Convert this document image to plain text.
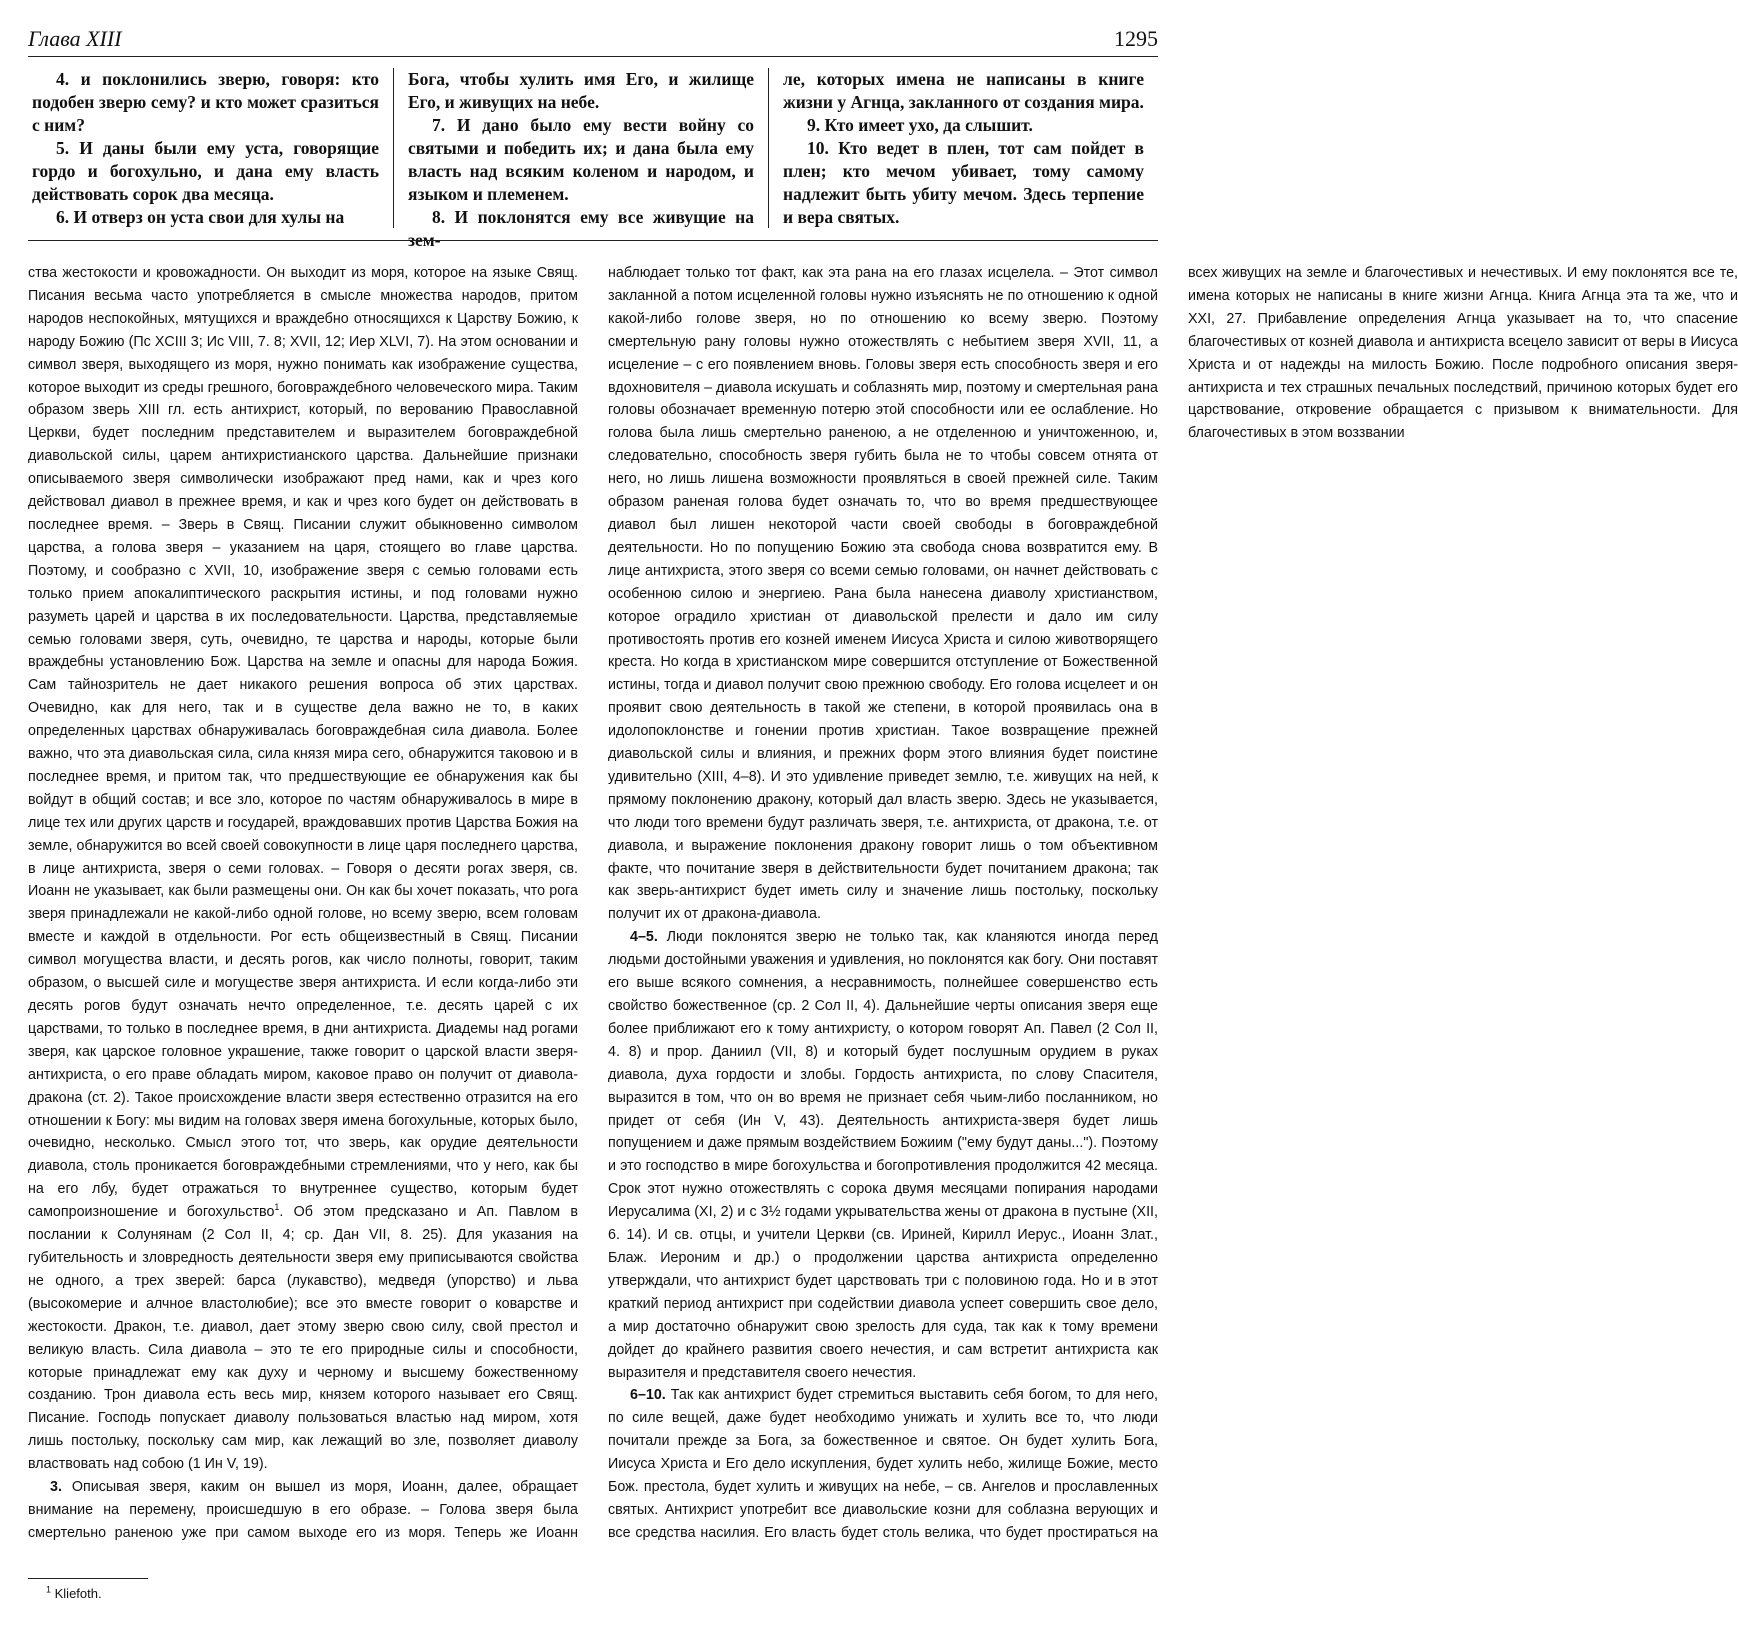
Глава XIII	1295

4. и поклонились зверю, говоря: кто подобен зверю сему? и кто может сразиться с ним?

5. И даны были ему уста, говорящие гордо и богохульно, и дана ему власть действовать сорок два месяца.

6. И отверз он уста свои для хулы на

Бога, чтобы хулить имя Его, и жилище Его, и живущих на небе.

7. И дано было ему вести войну со святыми и победить их; и дана была ему власть над всяким коленом и народом, и языком и племенем.

8. И поклонятся ему все живущие на зем-

ле, которых имена не написаны в книге жизни у Агнца, закланного от создания мира.

9. Кто имеет ухо, да слышит.

10. Кто ведет в плен, тот сам пойдет в плен; кто мечом убивает, тому самому надлежит быть убиту мечом. Здесь терпение и вера святых.

ства жестокости и кровожадности. Он выходит из моря, которое на языке Свящ. Писания весьма часто употребляется в смысле множества народов, притом народов неспокойных, мятущихся и враждебно относящихся к Царству Божию, к народу Божию (Пс XCIII 3; Ис VIII, 7. 8; XVII, 12; Иер XLVI, 7). На этом основании и символ зверя, выходящего из моря, нужно понимать как изображение существа, которое выходит из среды грешного, боговраждебного человеческого мира. Таким образом зверь XIII гл. есть антихрист, который, по верованию Православной Церкви, будет последним представителем и выразителем боговраждебной диавольской силы, царем антихристианского царства. Дальнейшие признаки описываемого зверя символически изображают пред нами, как и чрез кого действовал диавол в прежнее время, и как и чрез кого будет он действовать в последнее время. – Зверь в Свящ. Писании служит обыкновенно символом царства, а голова зверя – указанием на царя, стоящего во главе царства. Поэтому, и сообразно с XVII, 10, изображение зверя с семью головами есть только прием апокалиптического раскрытия истины, и под головами нужно разуметь царей и царства в их последовательности. Царства, представляемые семью головами зверя, суть, очевидно, те царства и народы, которые были враждебны установлению Бож. Царства на земле и опасны для народа Божия. Сам тайнозритель не дает никакого решения вопроса об этих царствах. Очевидно, как для него, так и в существе дела важно не то, в каких определенных царствах обнаруживалась боговраждебная сила диавола. Более важно, что эта диавольская сила, сила князя мира сего, обнаружится таковою и в последнее время, и притом так, что предшествующие ее обнаружения как бы войдут в общий состав; и все зло, которое по частям обнаруживалось в мире в лице тех или других царств и государей, враждовавших против Царства Божия на земле, обнаружится во всей своей совокупности в лице царя последнего царства, в лице антихриста, зверя о семи головах. – Говоря о десяти рогах зверя, св. Иоанн не указывает, как были размещены они. Он как бы хочет показать, что рога зверя принадлежали не какой-либо одной голове, но всему зверю, всем головам вместе и каждой в отдельности. Рог есть общеизвестный в Свящ. Писании символ могущества власти, и десять рогов, как число полноты, говорит, таким образом, о высшей силе и могуществе зверя антихриста. И если когда-либо эти десять рогов будут означать нечто определенное, т.е. десять царей с их царствами, то только в последнее время, в дни антихриста. Диадемы над рогами зверя, как царское головное украшение, также говорит о царской власти зверя-антихриста, о его праве обладать миром, каковое право он получит от диавола-дракона (ст. 2). Такое происхождение власти зверя естественно отразится на его отношении к Богу: мы видим на головах зверя имена богохульные, которых было, очевидно, несколько. Смысл этого тот, что зверь, как орудие деятельности диавола, столь проникается боговраждебными стремлениями, что у него, как бы на его лбу, будет отражаться то внутреннее существо, которым будет самопроизношение и богохульство$^1$. Об этом предсказано и Ап. Павлом в послании к Солунянам (2 Сол II, 4; ср. Дан VII, 8. 25). Для указания на губительность и зловредность деятельности зверя ему приписываются свойства не одного, а трех зверей: барса (лукавство), медведя (упорство) и льва (высокомерие и алчное властолюбие); все это вместе говорит о коварстве и жестокости. Дракон, т.е. диавол, дает этому зверю свою силу, свой престол и великую власть. Сила диавола – это те его природные силы и способности, которые принадлежат ему как духу и черному и высшему божественному созданию. Трон диавола есть весь мир, князем которого называет его Свящ. Писание. Господь попускает диаволу пользоваться властью над миром, хотя лишь постольку, поскольку сам мир, как лежащий во зле, позволяет диаволу властвовать над собою (1 Ин V, 19).

3. Описывая зверя, каким он вышел из моря, Иоанн, далее, обращает внимание на перемену, происшедшую в его образе. – Голова зверя была смертельно раненою уже при самом выходе его из моря. Теперь же Иоанн наблюдает только тот факт, как эта рана на его глазах исцелела. – Этот символ закланной а потом исцеленной головы нужно изъяснять не по отношению к одной какой-либо голове зверя, но по отношению ко всему зверю. Поэтому смертельную рану головы нужно отожествлять с небытием зверя XVII, 11, а исцеление – с его появлением вновь. Головы зверя есть способность зверя и его вдохновителя – диавола искушать и соблазнять мир, поэтому и смертельная рана головы обозначает временную потерю этой способности или ее ослабление. Но голова была лишь смертельно раненою, а не отделенною и уничтоженною, и, следовательно, способность зверя губить была не то чтобы совсем отнята от него, но лишь лишена возможности проявляться в своей прежней силе. Таким образом раненая голова будет означать то, что во время предшествующее диавол был лишен некоторой части своей свободы в боговраждебной деятельности. Но по попущению Божию эта свобода снова возвратится ему. В лице антихриста, этого зверя со всеми семью головами, он начнет действовать с особенною силою и энергиею. Рана была нанесена диаволу христианством, которое оградило христиан от диавольской прелести и дало им силу противостоять против его козней именем Иисуса Христа и силою животворящего креста. Но когда в христианском мире совершится отступление от Божественной истины, тогда и диавол получит свою прежнюю свободу. Его голова исцелеет и он проявит свою деятельность в такой же степени, в которой проявилась она в идолопоклонстве и гонении против христиан. Такое возвращение прежней диавольской силы и влияния, и прежних форм этого влияния будет поистине удивительно (XIII, 4–8). И это удивление приведет землю, т.е. живущих на ней, к прямому поклонению дракону, который дал власть зверю. Здесь не указывается, что люди того времени будут различать зверя, т.е. антихриста, от дракона, т.е. от диавола, и выражение поклонения дракону говорит лишь о том объективном факте, что почитание зверя в действительности будет почитанием дракона; так как зверь-антихрист будет иметь силу и значение лишь постольку, поскольку получит их от дракона-диавола.

4–5. Люди поклонятся зверю не только так, как кланяются иногда перед людьми достойными уважения и удивления, но поклонятся как богу. Они поставят его выше всякого сомнения, а несравнимость, полнейшее совершенство есть свойство божественное (ср. 2 Сол II, 4). Дальнейшие черты описания зверя еще более приближают его к тому антихристу, о котором говорят Ап. Павел (2 Сол II, 4. 8) и прор. Даниил (VII, 8) и который будет послушным орудием в руках диавола, духа гордости и злобы. Гордость антихриста, по слову Спасителя, выразится в том, что он во время не признает себя чьим-либо посланником, но придет от себя (Ин V, 43). Деятельность антихриста-зверя будет лишь попущением и даже прямым воздействием Божиим ("ему будут даны..."). Поэтому и это господство в мире богохульства и богопротивления продолжится 42 месяца. Срок этот нужно отожествлять с сорока двумя месяцами попирания народами Иерусалима (XI, 2) и с 3½ годами укрывательства жены от дракона в пустыне (XII, 6. 14). И св. отцы, и учители Церкви (св. Ириней, Кирилл Иерус., Иоанн Злат., Блаж. Иероним и др.) о продолжении царства антихриста определенно утверждали, что антихрист будет царствовать три с половиною года. Но и в этот краткий период антихрист при содействии диавола успеет совершить свое дело, а мир достаточно обнаружит свою зрелость для суда, так как к тому времени дойдет до крайнего развития своего нечестия, и сам встретит антихриста как выразителя и представителя своего нечестия.

6–10. Так как антихрист будет стремиться выставить себя богом, то для него, по силе вещей, даже будет необходимо унижать и хулить все то, что люди почитали прежде за Бога, за божественное и святое. Он будет хулить Бога, Иисуса Христа и Его дело искупления, будет хулить небо, жилище Божие, место Бож. престола, будет хулить и живущих на небе, – св. Ангелов и прославленных святых. Антихрист употребит все диавольские козни для соблазна верующих и все средства насилия. Его власть будет столь велика, что будет простираться на всех живущих на земле и благочестивых и нечестивых. И ему поклонятся все те, имена которых не написаны в книге жизни Агнца. Книга Агнца эта та же, что и XXI, 27. Прибавление определения Агнца указывает на то, что спасение благочестивых от козней диавола и антихриста всецело зависит от веры в Иисуса Христа и от надежды на милость Божию. После подробного описания зверя-антихриста и тех страшных печальных последствий, причиною которых будет его царствование, откровение обращается с призывом к внимательности. Для благочестивых в этом воззвании

$^1$ Kliefoth.
